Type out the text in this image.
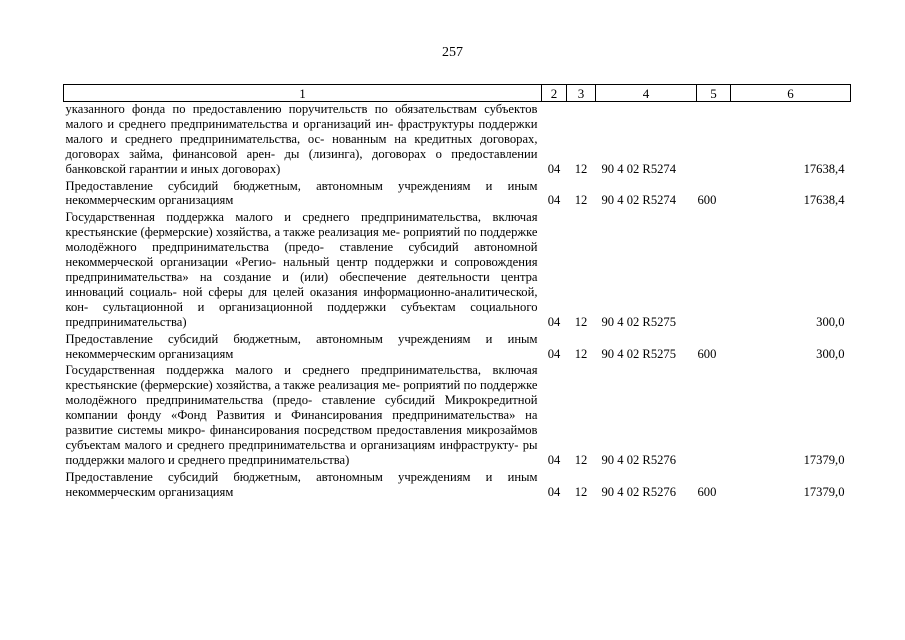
257
1	2	3	4	5	6
указанного фонда по предоставлению поручительств по обязательствам субъектов малого и среднего предпринимательства и организаций ин- фраструктуры поддержки малого и среднего предпринимательства, ос- нованным на кредитных договорах, договорах займа, финансовой арен- ды (лизинга), договорах о предоставлении банковской гарантии и иных договорах)	04	12	90 4 02 R5274		17638,4
Предоставление субсидий бюджетным, автономным учреждениям и иным некоммерческим организациям	04	12	90 4 02 R5274	600	17638,4
Государственная поддержка малого и среднего предпринимательства, включая крестьянские (фермерские) хозяйства, а также реализация ме- роприятий по поддержке молодёжного предпринимательства (предо- ставление субсидий автономной некоммерческой организации «Регио- нальный центр поддержки и сопровождения предпринимательства» на создание и (или) обеспечение деятельности центра инноваций социаль- ной сферы для целей оказания информационно-аналитической, кон- сультационной и организационной поддержки субъектам социального предпринимательства)	04	12	90 4 02 R5275		300,0
Предоставление субсидий бюджетным, автономным учреждениям и иным некоммерческим организациям	04	12	90 4 02 R5275	600	300,0
Государственная поддержка малого и среднего предпринимательства, включая крестьянские (фермерские) хозяйства, а также реализация ме- роприятий по поддержке молодёжного предпринимательства (предо- ставление субсидий Микрокредитной компании фонду «Фонд Развития и Финансирования предпринимательства» на развитие системы микро- финансирования посредством предоставления микрозаймов субъектам малого и среднего предпринимательства и организациям инфраструкту- ры поддержки малого и среднего предпринимательства)	04	12	90 4 02 R5276		17379,0
Предоставление субсидий бюджетным, автономным учреждениям и иным некоммерческим организациям	04	12	90 4 02 R5276	600	17379,0
